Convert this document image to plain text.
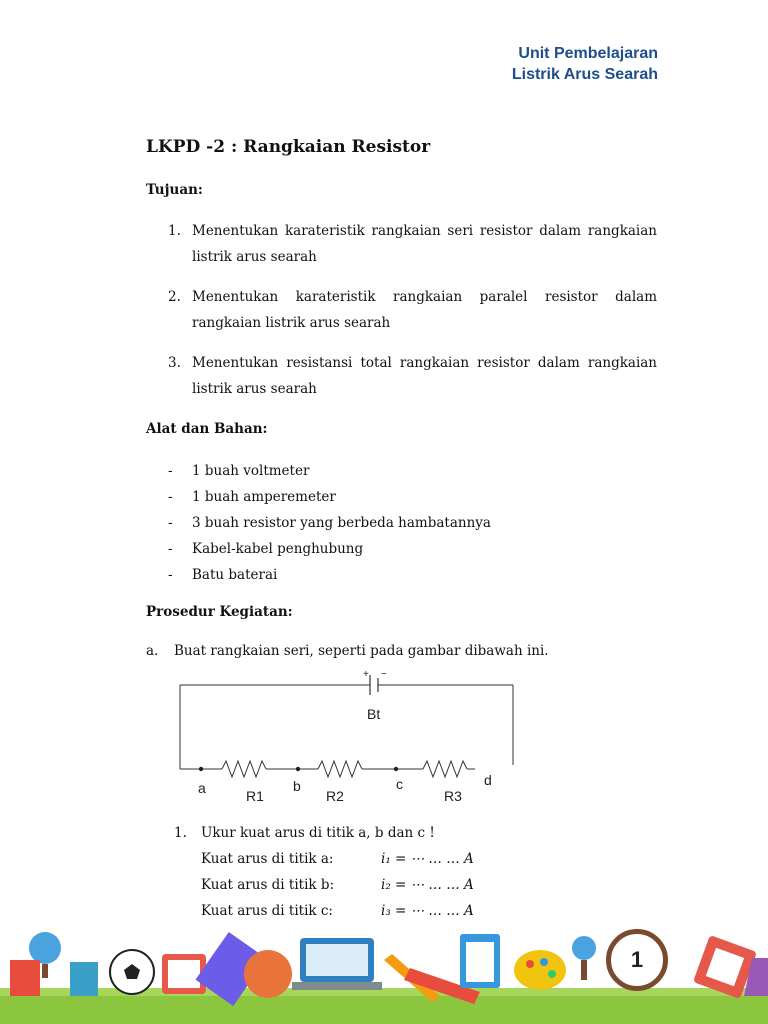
Unit Pembelajaran
Listrik Arus Searah
LKPD -2 : Rangkaian Resistor
Tujuan:
1. Menentukan karateristik rangkaian seri resistor dalam rangkaian listrik arus searah
2. Menentukan karateristik rangkaian paralel resistor dalam rangkaian listrik arus searah
3. Menentukan resistansi total rangkaian resistor dalam rangkaian listrik arus searah
Alat dan Bahan:
- 1 buah voltmeter
- 1 buah amperemeter
- 3 buah resistor yang berbeda hambatannya
- Kabel-kabel penghubung
- Batu baterai
Prosedur Kegiatan:
a. Buat rangkaian seri, seperti pada gambar dibawah ini.
+ −
Bt
a	b	c	d
R1	R2	R3
1. Ukur kuat arus di titik a, b dan c !
Kuat arus di titik a:	i₁ = ⋯ … … A
Kuat arus di titik b:	i₂ = ⋯ … … A
Kuat arus di titik c:	i₃ = ⋯ … … A
1
